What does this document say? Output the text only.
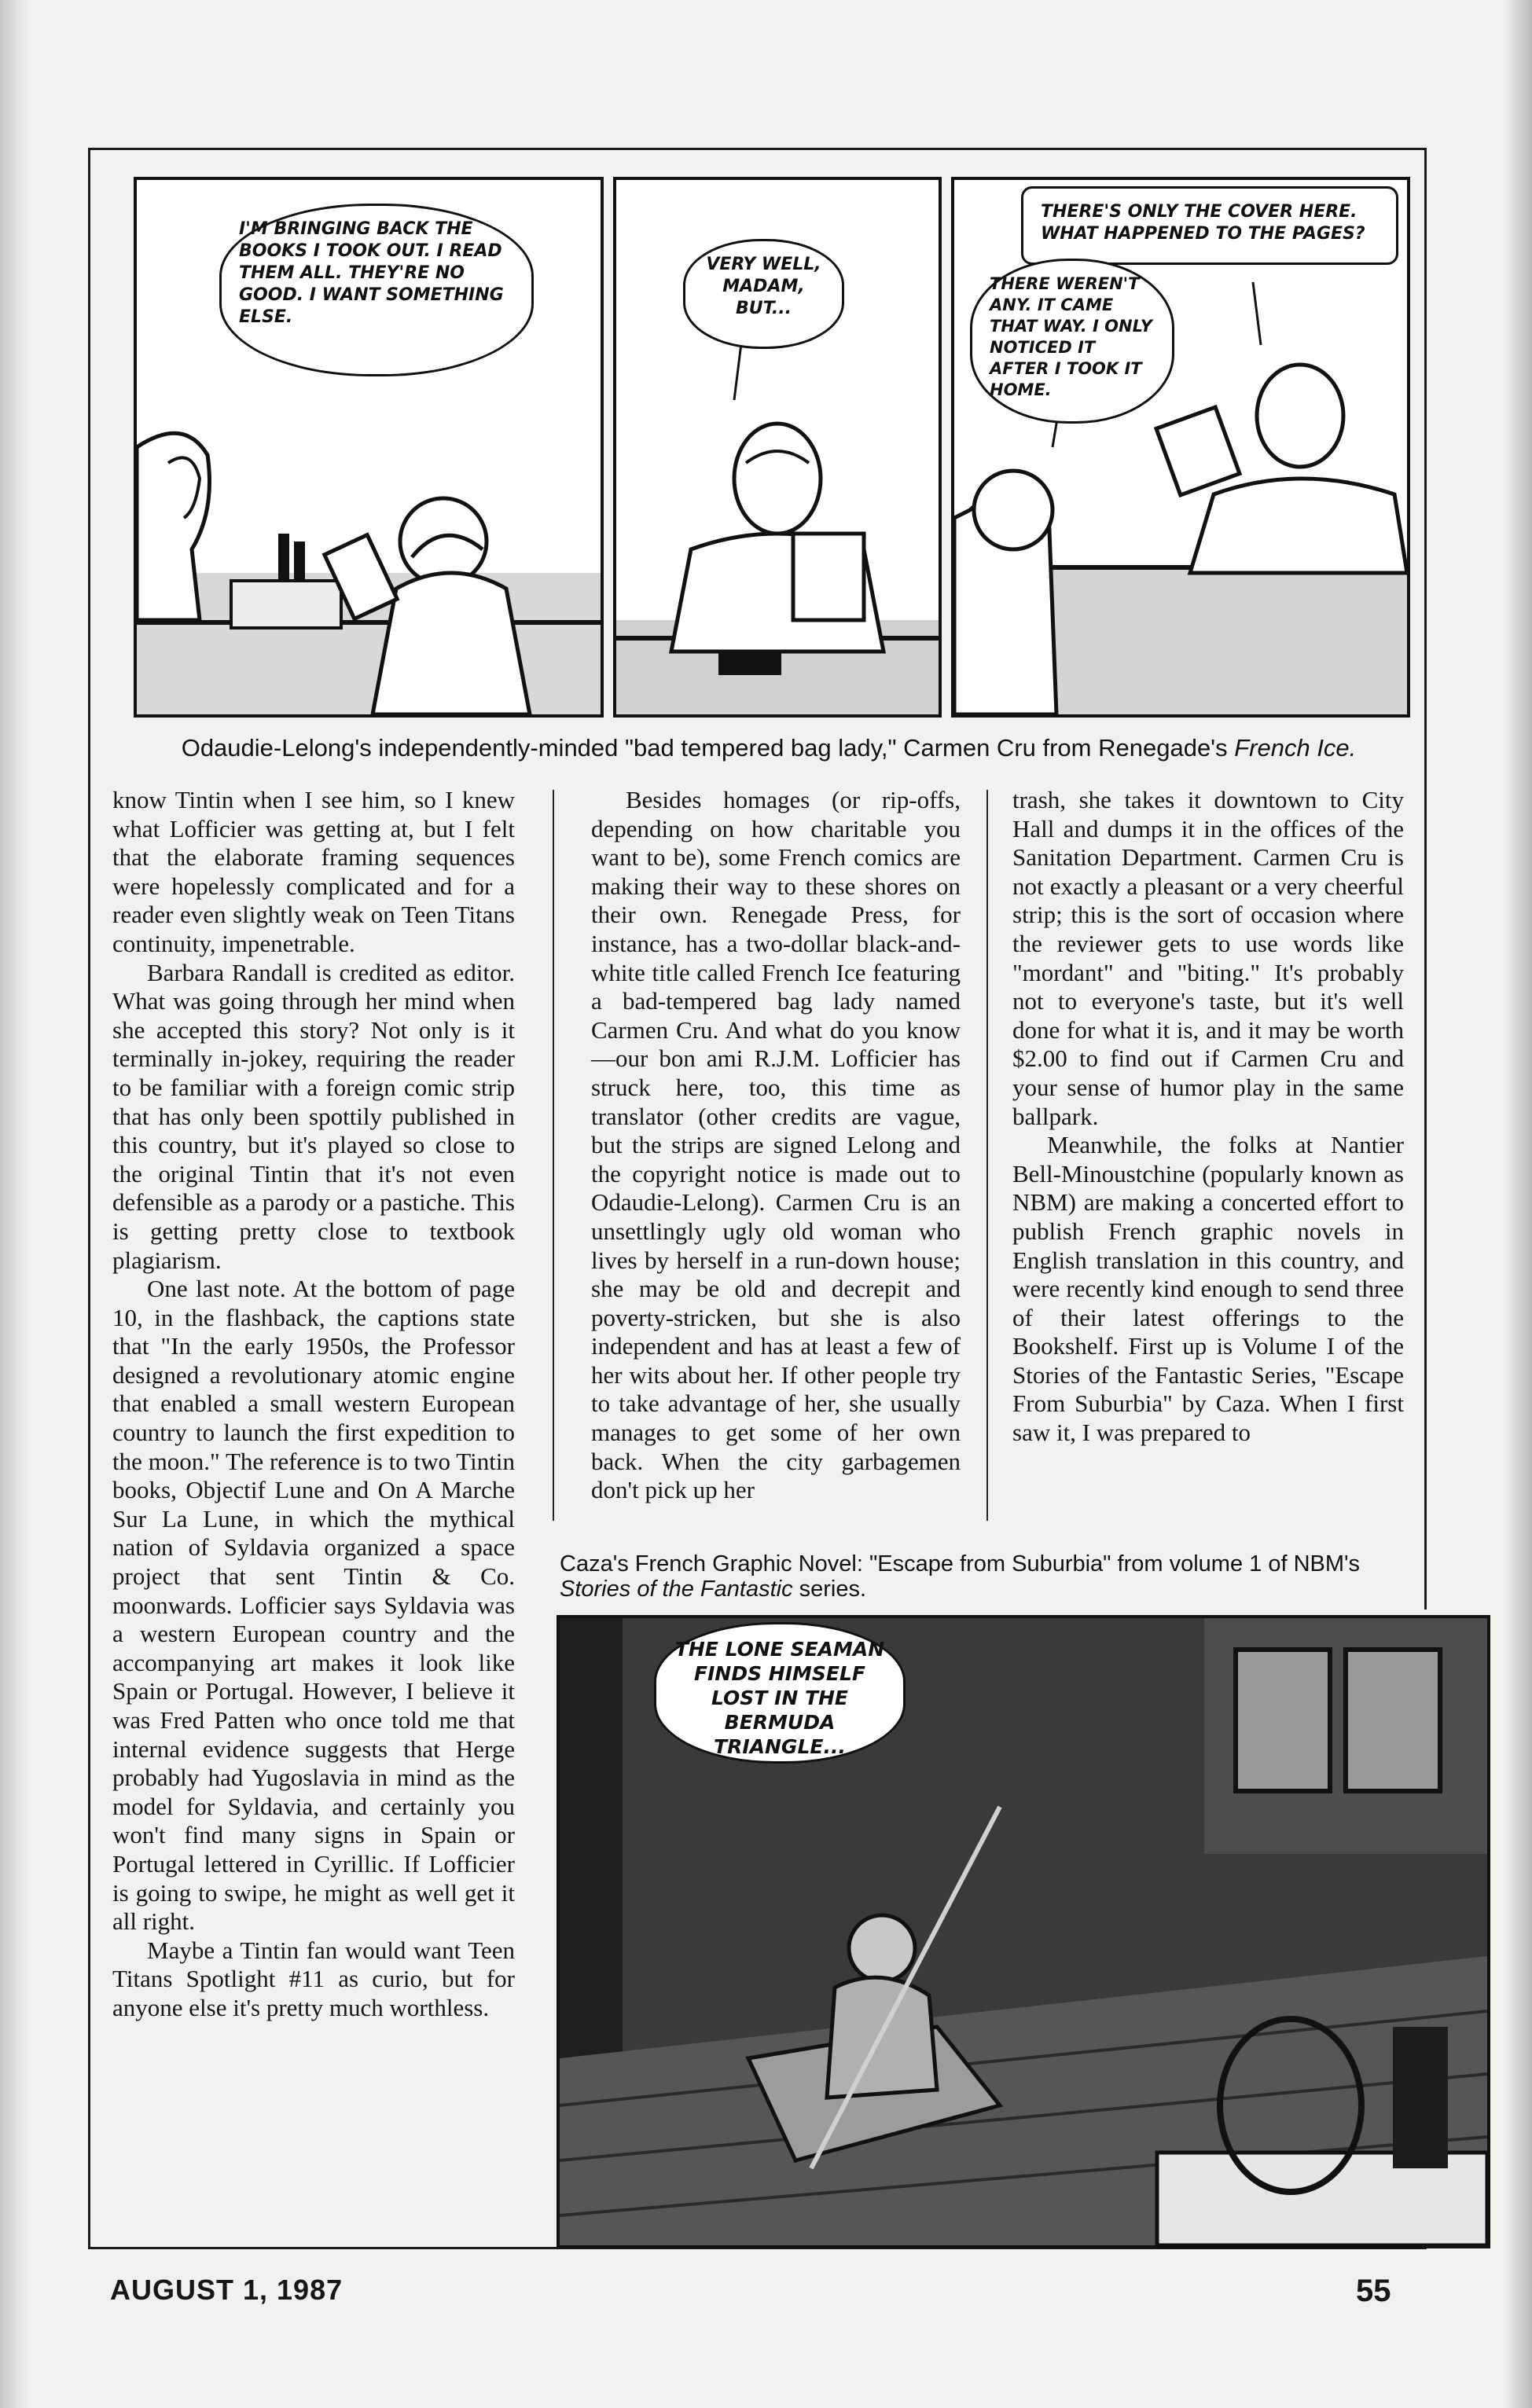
I'M BRINGING BACK THE BOOKS I TOOK OUT. I READ THEM ALL. THEY'RE NO GOOD. I WANT SOMETHING ELSE.
VERY WELL, MADAM, BUT...
THERE'S ONLY THE COVER HERE. WHAT HAPPENED TO THE PAGES?
THERE WEREN'T ANY. IT CAME THAT WAY. I ONLY NOTICED IT AFTER I TOOK IT HOME.
Odaudie-Lelong's independently-minded "bad tempered bag lady," Carmen Cru from Renegade's French Ice.

know Tintin when I see him, so I knew what Lofficier was getting at, but I felt that the elaborate framing sequences were hopelessly complicated and for a reader even slightly weak on Teen Titans continuity, impenetrable.

Barbara Randall is credited as editor. What was going through her mind when she accepted this story? Not only is it terminally in-jokey, requiring the reader to be familiar with a foreign comic strip that has only been spottily published in this country, but it's played so close to the original Tintin that it's not even defensible as a parody or a pastiche. This is getting pretty close to textbook plagiarism.

One last note. At the bottom of page 10, in the flashback, the captions state that "In the early 1950s, the Professor designed a revolutionary atomic engine that enabled a small western European country to launch the first expedition to the moon." The reference is to two Tintin books, Objectif Lune and On A Marche Sur La Lune, in which the mythical nation of Syldavia organized a space project that sent Tintin & Co. moonwards. Lofficier says Syldavia was a western European country and the accompanying art makes it look like Spain or Portugal. However, I believe it was Fred Patten who once told me that internal evidence suggests that Herge probably had Yugoslavia in mind as the model for Syldavia, and certainly you won't find many signs in Spain or Portugal lettered in Cyrillic. If Lofficier is going to swipe, he might as well get it all right.

Maybe a Tintin fan would want Teen Titans Spotlight #11 as curio, but for anyone else it's pretty much worthless.

Besides homages (or rip-offs, depending on how charitable you want to be), some French comics are making their way to these shores on their own. Renegade Press, for instance, has a two-dollar black-and-white title called French Ice featuring a bad-tempered bag lady named Carmen Cru. And what do you know—our bon ami R.J.M. Lofficier has struck here, too, this time as translator (other credits are vague, but the strips are signed Lelong and the copyright notice is made out to Odaudie-Lelong). Carmen Cru is an unsettlingly ugly old woman who lives by herself in a run-down house; she may be old and decrepit and poverty-stricken, but she is also independent and has at least a few of her wits about her. If other people try to take advantage of her, she usually manages to get some of her own back. When the city garbagemen don't pick up her

trash, she takes it downtown to City Hall and dumps it in the offices of the Sanitation Department. Carmen Cru is not exactly a pleasant or a very cheerful strip; this is the sort of occasion where the reviewer gets to use words like "mordant" and "biting." It's probably not to everyone's taste, but it's well done for what it is, and it may be worth $2.00 to find out if Carmen Cru and your sense of humor play in the same ballpark.

Meanwhile, the folks at Nantier Bell-Minoustchine (popularly known as NBM) are making a concerted effort to publish French graphic novels in English translation in this country, and were recently kind enough to send three of their latest offerings to the Bookshelf. First up is Volume I of the Stories of the Fantastic Series, "Escape From Suburbia" by Caza. When I first saw it, I was prepared to

Caza's French Graphic Novel: "Escape from Suburbia" from volume 1 of NBM's Stories of the Fantastic series.
THE LONE SEAMAN FINDS HIMSELF LOST IN THE BERMUDA TRIANGLE...
AUGUST 1, 1987	55
